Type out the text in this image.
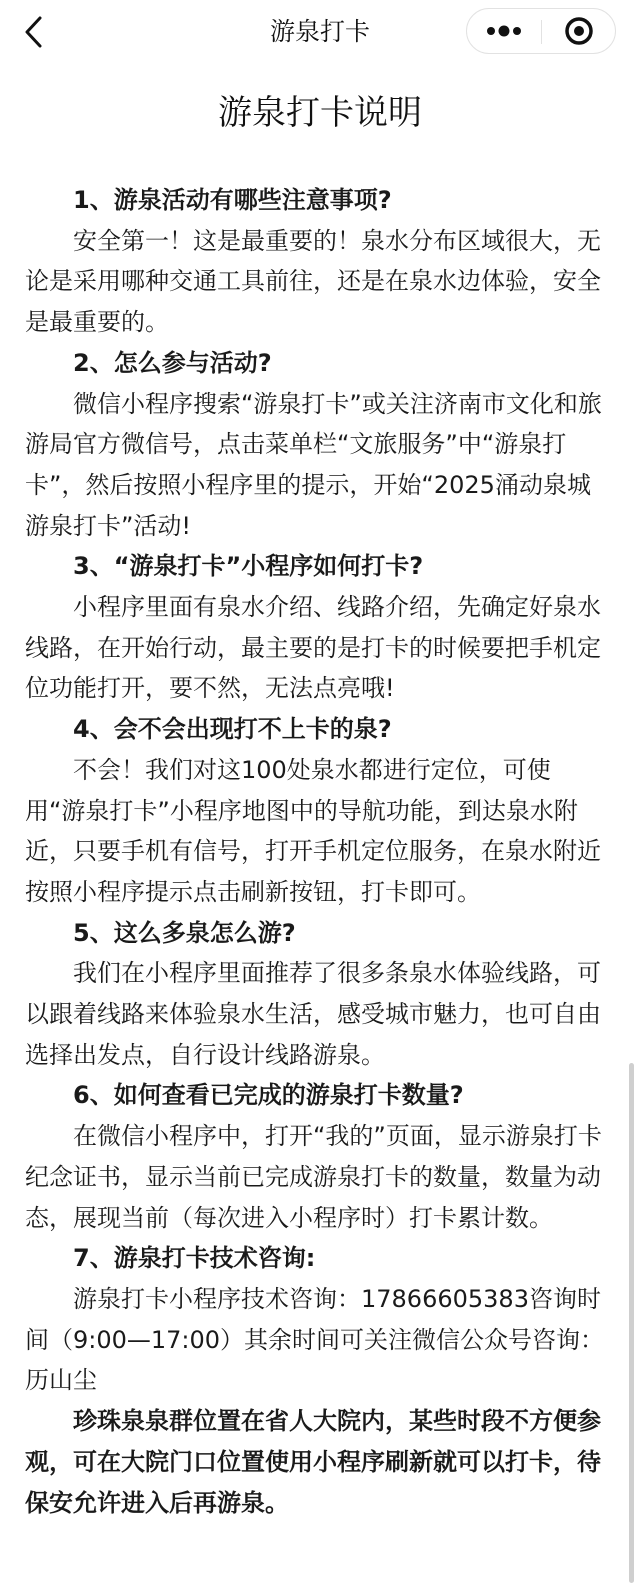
游泉打卡
游泉打卡说明

1、游泉活动有哪些注意事项?

安全第一！这是最重要的！泉水分布区域很大，无论是采用哪种交通工具前往，还是在泉水边体验，安全是最重要的。

2、怎么参与活动?

微信小程序搜索“游泉打卡”或关注济南市文化和旅游局官方微信号，点击菜单栏“文旅服务”中“游泉打卡”，然后按照小程序里的提示，开始“2025涌动泉城 游泉打卡”活动!

3、“游泉打卡”小程序如何打卡?

小程序里面有泉水介绍、线路介绍，先确定好泉水线路，在开始行动，最主要的是打卡的时候要把手机定位功能打开，要不然，无法点亮哦!

4、会不会出现打不上卡的泉?

不会！我们对这100处泉水都进行定位，可使用“游泉打卡”小程序地图中的导航功能，到达泉水附近，只要手机有信号，打开手机定位服务，在泉水附近按照小程序提示点击刷新按钮，打卡即可。

5、这么多泉怎么游?

我们在小程序里面推荐了很多条泉水体验线路，可以跟着线路来体验泉水生活，感受城市魅力，也可自由选择出发点，自行设计线路游泉。

6、如何查看已完成的游泉打卡数量?

在微信小程序中，打开“我的”页面，显示游泉打卡纪念证书，显示当前已完成游泉打卡的数量，数量为动态，展现当前（每次进入小程序时）打卡累计数。

7、游泉打卡技术咨询:

游泉打卡小程序技术咨询：17866605383咨询时间（9:00—17:00）其余时间可关注微信公众号咨询：历山尘

珍珠泉泉群位置在省人大院内，某些时段不方便参观，可在大院门口位置使用小程序刷新就可以打卡，待保安允许进入后再游泉。
